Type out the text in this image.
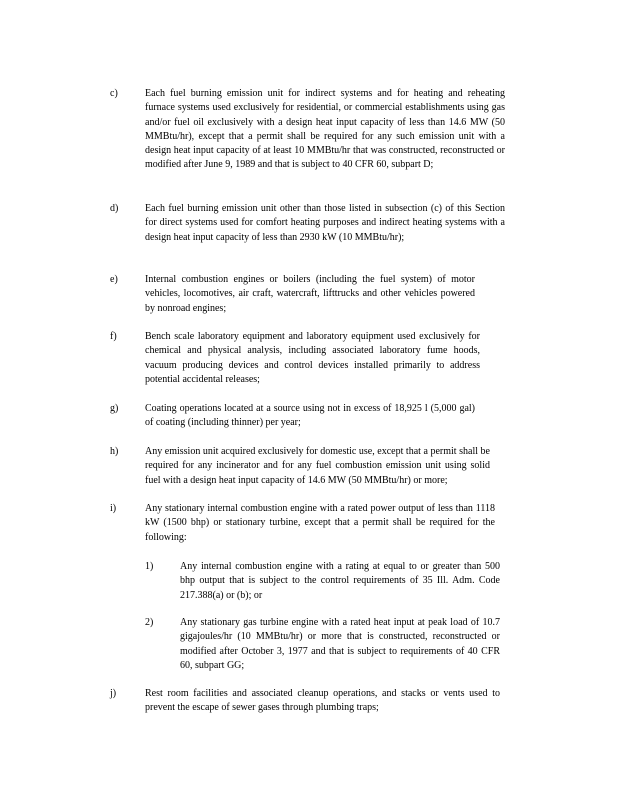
c)	Each fuel burning emission unit for indirect systems and for heating and reheating furnace systems used exclusively for residential, or commercial establishments using gas and/or fuel oil exclusively with a design heat input capacity of less than 14.6 MW (50 MMBtu/hr), except that a permit shall be required for any such emission unit with a design heat input capacity of at least 10 MMBtu/hr that was constructed, reconstructed or modified after June 9, 1989 and that is subject to 40 CFR 60, subpart D;
d)	Each fuel burning emission unit other than those listed in subsection (c) of this Section for direct systems used for comfort heating purposes and indirect heating systems with a design heat input capacity of less than 2930 kW (10 MMBtu/hr);
e)	Internal combustion engines or boilers (including the fuel system) of motor vehicles, locomotives, air craft, watercraft, lifttrucks and other vehicles powered by nonroad engines;
f)	Bench scale laboratory equipment and laboratory equipment used exclusively for chemical and physical analysis, including associated laboratory fume hoods, vacuum producing devices and control devices installed primarily to address potential accidental releases;
g)	Coating operations located at a source using not in excess of 18,925 l (5,000 gal) of coating (including thinner) per year;
h)	Any emission unit acquired exclusively for domestic use, except that a permit shall be required for any incinerator and for any fuel combustion emission unit using solid fuel with a design heat input capacity of 14.6 MW (50 MMBtu/hr) or more;
i)	Any stationary internal combustion engine with a rated power output of less than 1118 kW (1500 bhp) or stationary turbine, except that a permit shall be required for the following:
1)	Any internal combustion engine with a rating at equal to or greater than 500 bhp output that is subject to the control requirements of 35 Ill. Adm. Code 217.388(a) or (b); or
2)	Any stationary gas turbine engine with a rated heat input at peak load of 10.7 gigajoules/hr (10 MMBtu/hr) or more that is constructed, reconstructed or modified after October 3, 1977 and that is subject to requirements of 40 CFR 60, subpart GG;
j)	Rest room facilities and associated cleanup operations, and stacks or vents used to prevent the escape of sewer gases through plumbing traps;
